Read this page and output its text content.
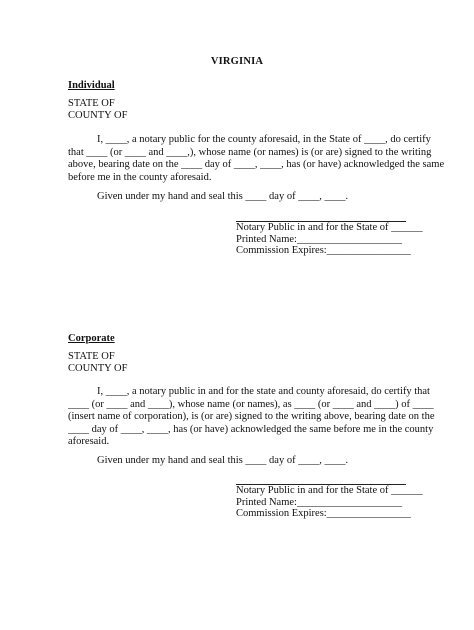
VIRGINIA
Individual
STATE OF
COUNTY OF
I, ____, a notary public for the county aforesaid, in the State of ____, do certify
that ____ (or ____ and ____,), whose name (or names) is (or are) signed to the writing
above, bearing date on the ____ day of ____, ____, has (or have) acknowledged the same
before me in the county aforesaid.
Given under my hand and seal this ____ day of ____, ____.
Notary Public in and for the State of ______
Printed Name:____________________
Commission Expires:________________
Corporate
STATE OF
COUNTY OF
I, ____, a notary public in and for the state and county aforesaid, do certify that
____ (or ____ and ____), whose name (or names), as ____ (or ____ and ____) of ____
(insert name of corporation), is (or are) signed to the writing above, bearing date on the
____ day of ____, ____, has (or have) acknowledged the same before me in the county
aforesaid.
Given under my hand and seal this ____ day of ____, ____.
Notary Public in and for the State of ______
Printed Name:____________________
Commission Expires:________________
